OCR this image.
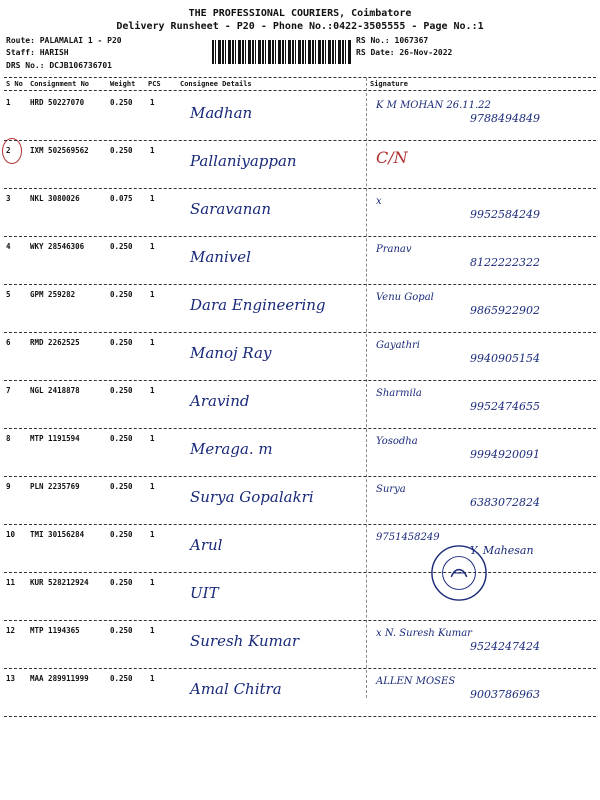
THE PROFESSIONAL COURIERS, Coimbatore
Delivery Runsheet - P20 - Phone No.:0422-3505555 - Page No.:1
Route: PALAMALAI 1 - P20
Staff: HARISH
DRS No.: DCJB106736701
RS No.: 1067367
RS Date: 26-Nov-2022
S No Consignment No	Weight PCS	Consignee Details	Signature
1	HRD 50227070	0.250 1
Madhan	K M MOHAN 26.11.22
9788494849
2	IXM 502569562	0.250 1
Pallaniyappan	C/N
3	NKL 3080026	0.075 1
Saravanan	x
9952584249
4	WKY 28546306	0.250 1
Manivel	Pranav
8122222322
5	GPM 259282	0.250 1
Dara Engineering	Venu Gopal
9865922902
6	RMD 2262525	0.250 1
Manoj Ray	Gayathri
9940905154
7	NGL 2418878	0.250 1
Aravind	Sharmila
9952474655
8	MTP 1191594	0.250 1
Meraga. m	Yosodha
9994920091
9	PLN 2235769	0.250 1
Surya Gopalakri	Surya
6383072824
10 TMI 30156284	0.250 1
Arul	9751458249
Y. Mahesan
11 KUR 528212924	0.250 1
UIT
12 MTP 1194365	0.250 1
Suresh Kumar	x N. Suresh Kumar
9524247424
13 MAA 289911999	0.250 1
Amal Chitra	ALLEN MOSES
9003786963
